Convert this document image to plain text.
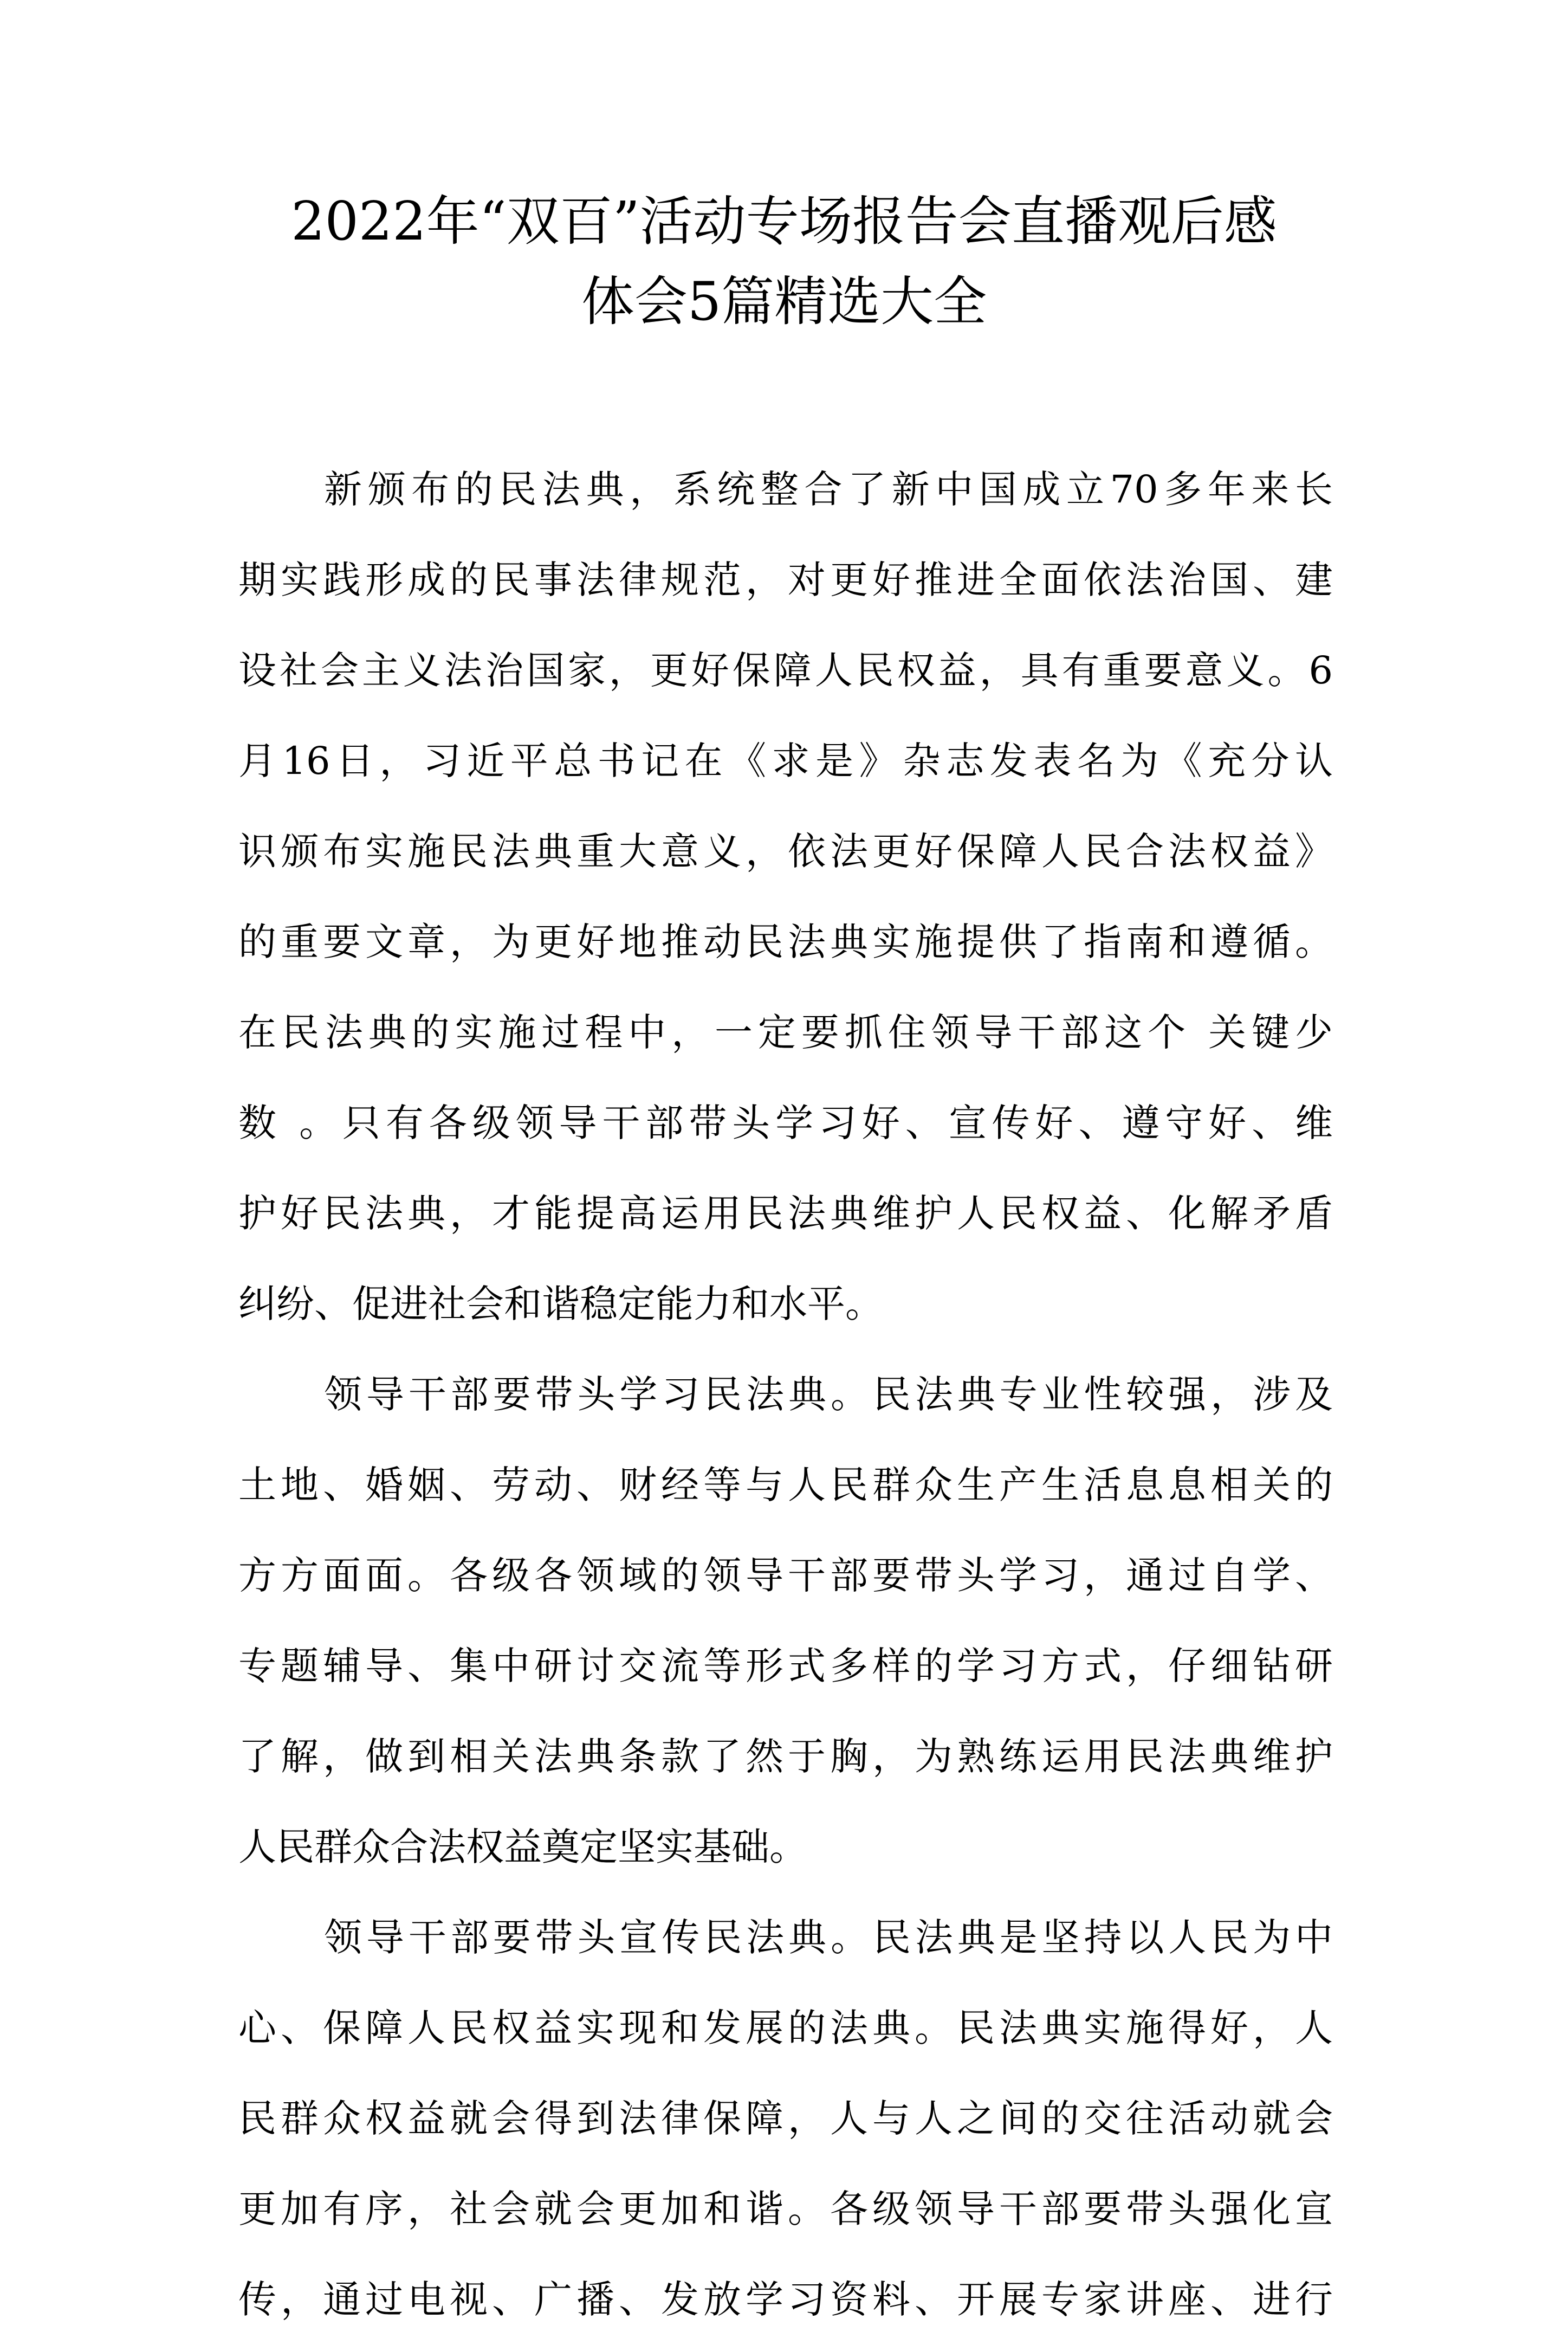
2022年“双百”活动专场报告会直播观后感
体会5篇精选大全
新颁布的民法典，系统整合了新中国成立70多年来长
期实践形成的民事法律规范，对更好推进全面依法治国、建
设社会主义法治国家，更好保障人民权益，具有重要意义。6
月16日，习近平总书记在《求是》杂志发表名为《充分认
识颁布实施民法典重大意义，依法更好保障人民合法权益》
的重要文章，为更好地推动民法典实施提供了指南和遵循。
在民法典的实施过程中，一定要抓住领导干部这个 关键少
数 。只有各级领导干部带头学习好、宣传好、遵守好、维
护好民法典，才能提高运用民法典维护人民权益、化解矛盾
纠纷、促进社会和谐稳定能力和水平。
领导干部要带头学习民法典。民法典专业性较强，涉及
土地、婚姻、劳动、财经等与人民群众生产生活息息相关的
方方面面。各级各领域的领导干部要带头学习，通过自学、
专题辅导、集中研讨交流等形式多样的学习方式，仔细钻研
了解，做到相关法典条款了然于胸，为熟练运用民法典维护
人民群众合法权益奠定坚实基础。
领导干部要带头宣传民法典。民法典是坚持以人民为中
心、保障人民权益实现和发展的法典。民法典实施得好，人
民群众权益就会得到法律保障，人与人之间的交往活动就会
更加有序，社会就会更加和谐。各级领导干部要带头强化宣
传，通过电视、广播、发放学习资料、开展专家讲座、进行
